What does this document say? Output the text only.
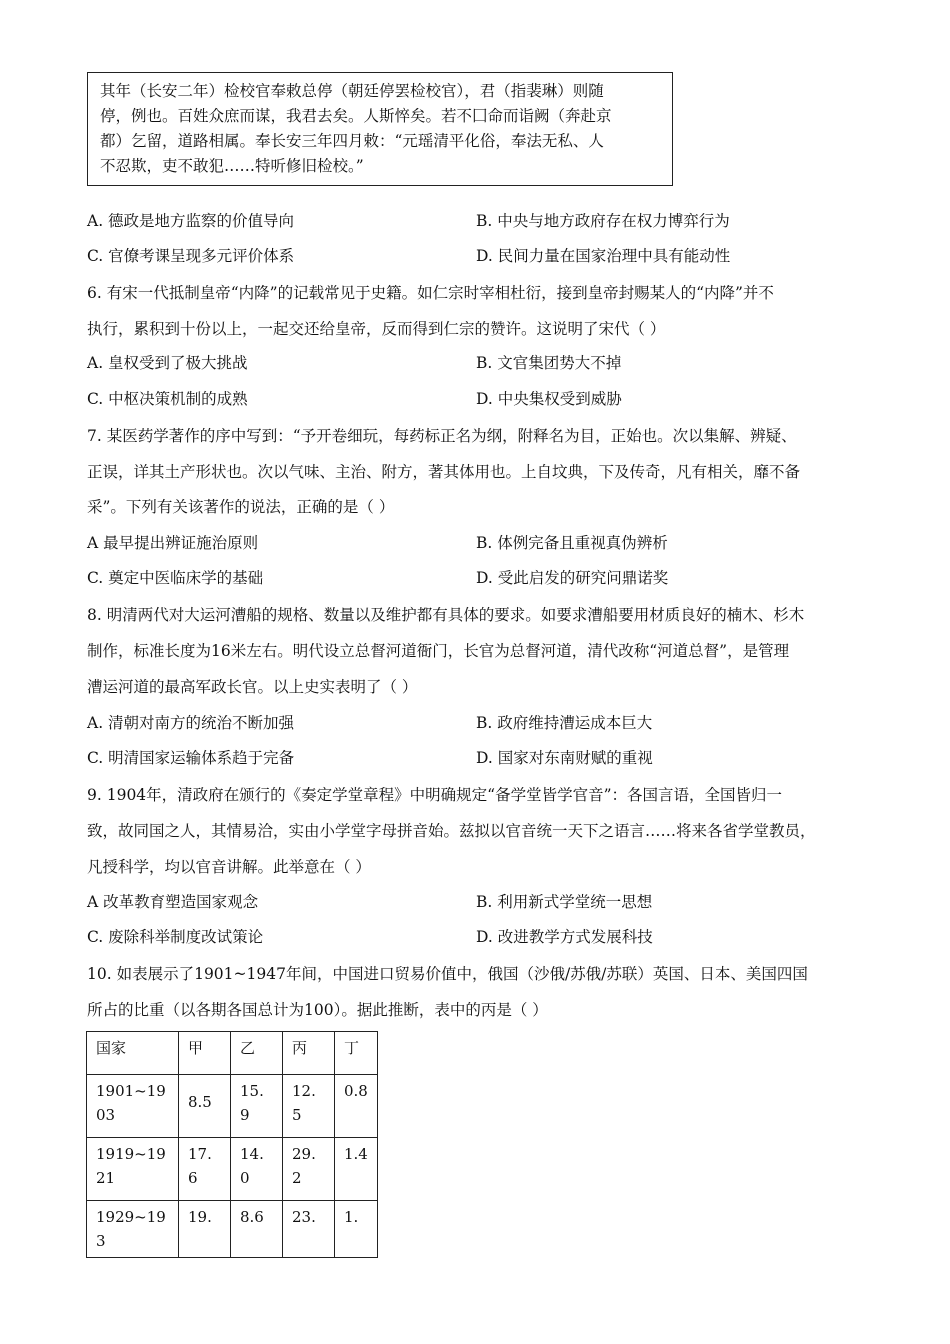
其年（长安二年）检校官奉敕总停（朝廷停罢检校官），君（指裴琳）则随
停，例也。百姓众庶而谋，我君去矣。人斯悴矣。若不囗命而诣阙（奔赴京
都）乞留，道路相属。奉长安三年四月敕：“元瑶清平化俗，奉法无私、人
不忍欺，吏不敢犯……特听修旧检校。”
A. 德政是地方监察的价值导向	B. 中央与地方政府存在权力博弈行为
C. 官僚考课呈现多元评价体系	D. 民间力量在国家治理中具有能动性
6. 有宋一代抵制皇帝“内降”的记载常见于史籍。如仁宗时宰相杜衍，接到皇帝封赐某人的“内降”并不
执行，累积到十份以上，一起交还给皇帝，反而得到仁宗的赞许。这说明了宋代（ ）
A. 皇权受到了极大挑战	B. 文官集团势大不掉
C. 中枢决策机制的成熟	D. 中央集权受到威胁
7. 某医药学著作的序中写到：“予开卷细玩，每药标正名为纲，附释名为目，正始也。次以集解、辨疑、
正误，详其土产形状也。次以气味、主治、附方，著其体用也。上自坟典，下及传奇，凡有相关，靡不备
采”。下列有关该著作的说法，正确的是（ ）
A 最早提出辨证施治原则	B. 体例完备且重视真伪辨析
C. 奠定中医临床学的基础	D. 受此启发的研究问鼎诺奖
8. 明清两代对大运河漕船的规格、数量以及维护都有具体的要求。如要求漕船要用材质良好的楠木、杉木
制作，标准长度为16米左右。明代设立总督河道衙门，长官为总督河道，清代改称“河道总督”，是管理
漕运河道的最高军政长官。以上史实表明了（ ）
A. 清朝对南方的统治不断加强	B. 政府维持漕运成本巨大
C. 明清国家运输体系趋于完备	D. 国家对东南财赋的重视
9. 1904年，清政府在颁行的《奏定学堂章程》中明确规定“备学堂皆学官音”：各国言语，全国皆归一
致，故同国之人，其情易洽，实由小学堂字母拼音始。兹拟以官音统一天下之语言……将来各省学堂教员，
凡授科学，均以官音讲解。此举意在（ ）
A 改革教育塑造国家观念	B. 利用新式学堂统一思想
C. 废除科举制度改试策论	D. 改进教学方式发展科技
10. 如表展示了1901~1947年间，中国进口贸易价值中，俄国（沙俄/苏俄/苏联）英国、日本、美国四国
所占的比重（以各期各国总计为100）。据此推断，表中的丙是（ ）
国家	甲	乙	丙	丁

1901~1903	8.5	15.9	12.5	0.8

1919~1921	17.6	14.0	29.2	1.4

1929~193	19.	8.6	23.	1.
